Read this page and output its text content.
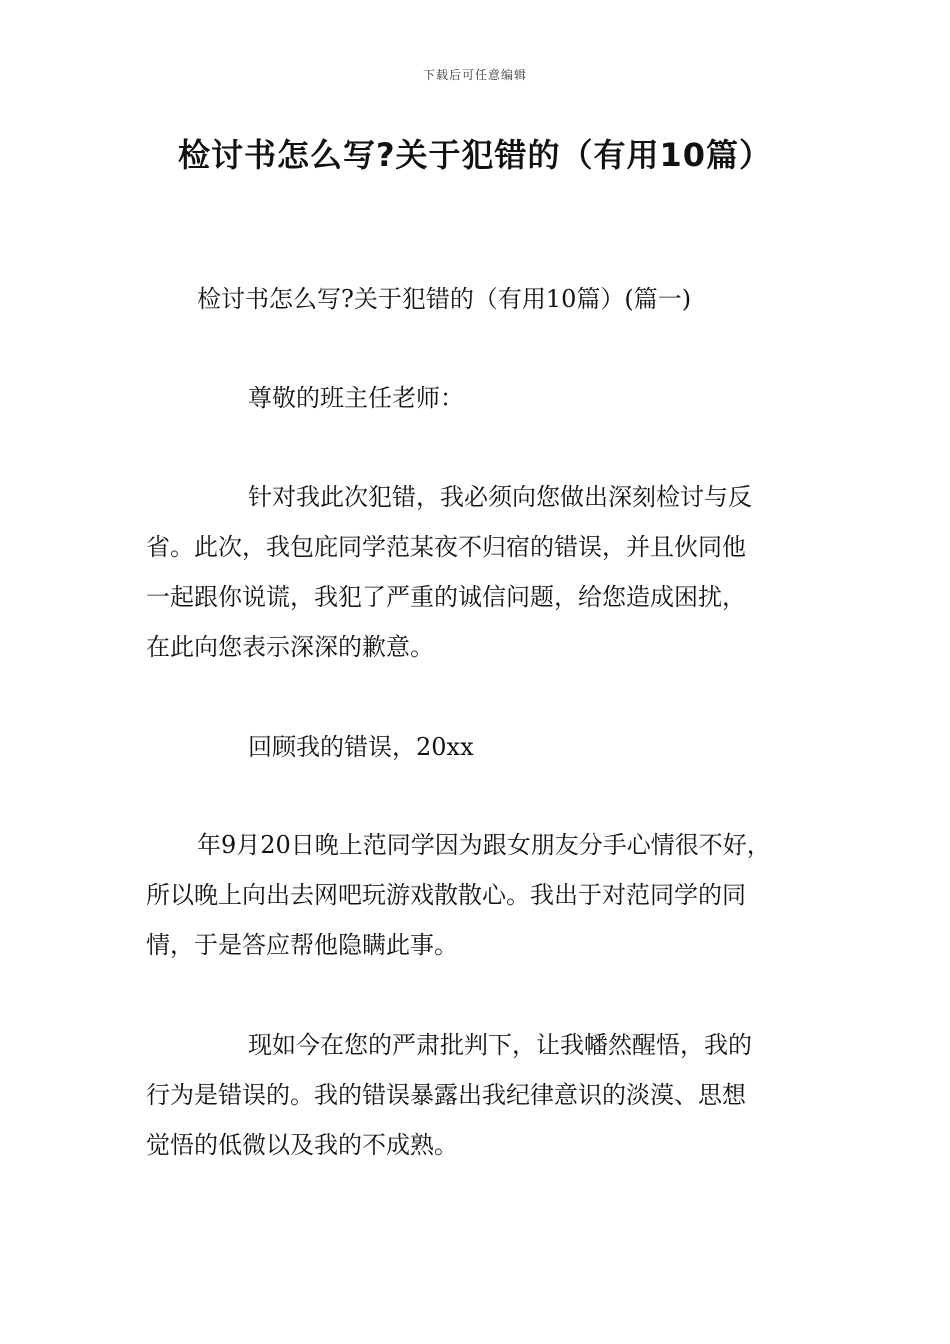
下载后可任意编辑
检讨书怎么写?关于犯错的（有用10篇）
检讨书怎么写?关于犯错的（有用10篇）(篇一)
尊敬的班主任老师：
针对我此次犯错，我必须向您做出深刻检讨与反
省。此次，我包庇同学范某夜不归宿的错误，并且伙同他
一起跟你说谎，我犯了严重的诚信问题，给您造成困扰，
在此向您表示深深的歉意。
回顾我的错误，20xx
年9月20日晚上范同学因为跟女朋友分手心情很不好，
所以晚上向出去网吧玩游戏散散心。我出于对范同学的同
情，于是答应帮他隐瞒此事。
现如今在您的严肃批判下，让我幡然醒悟，我的
行为是错误的。我的错误暴露出我纪律意识的淡漠、思想
觉悟的低微以及我的不成熟。
